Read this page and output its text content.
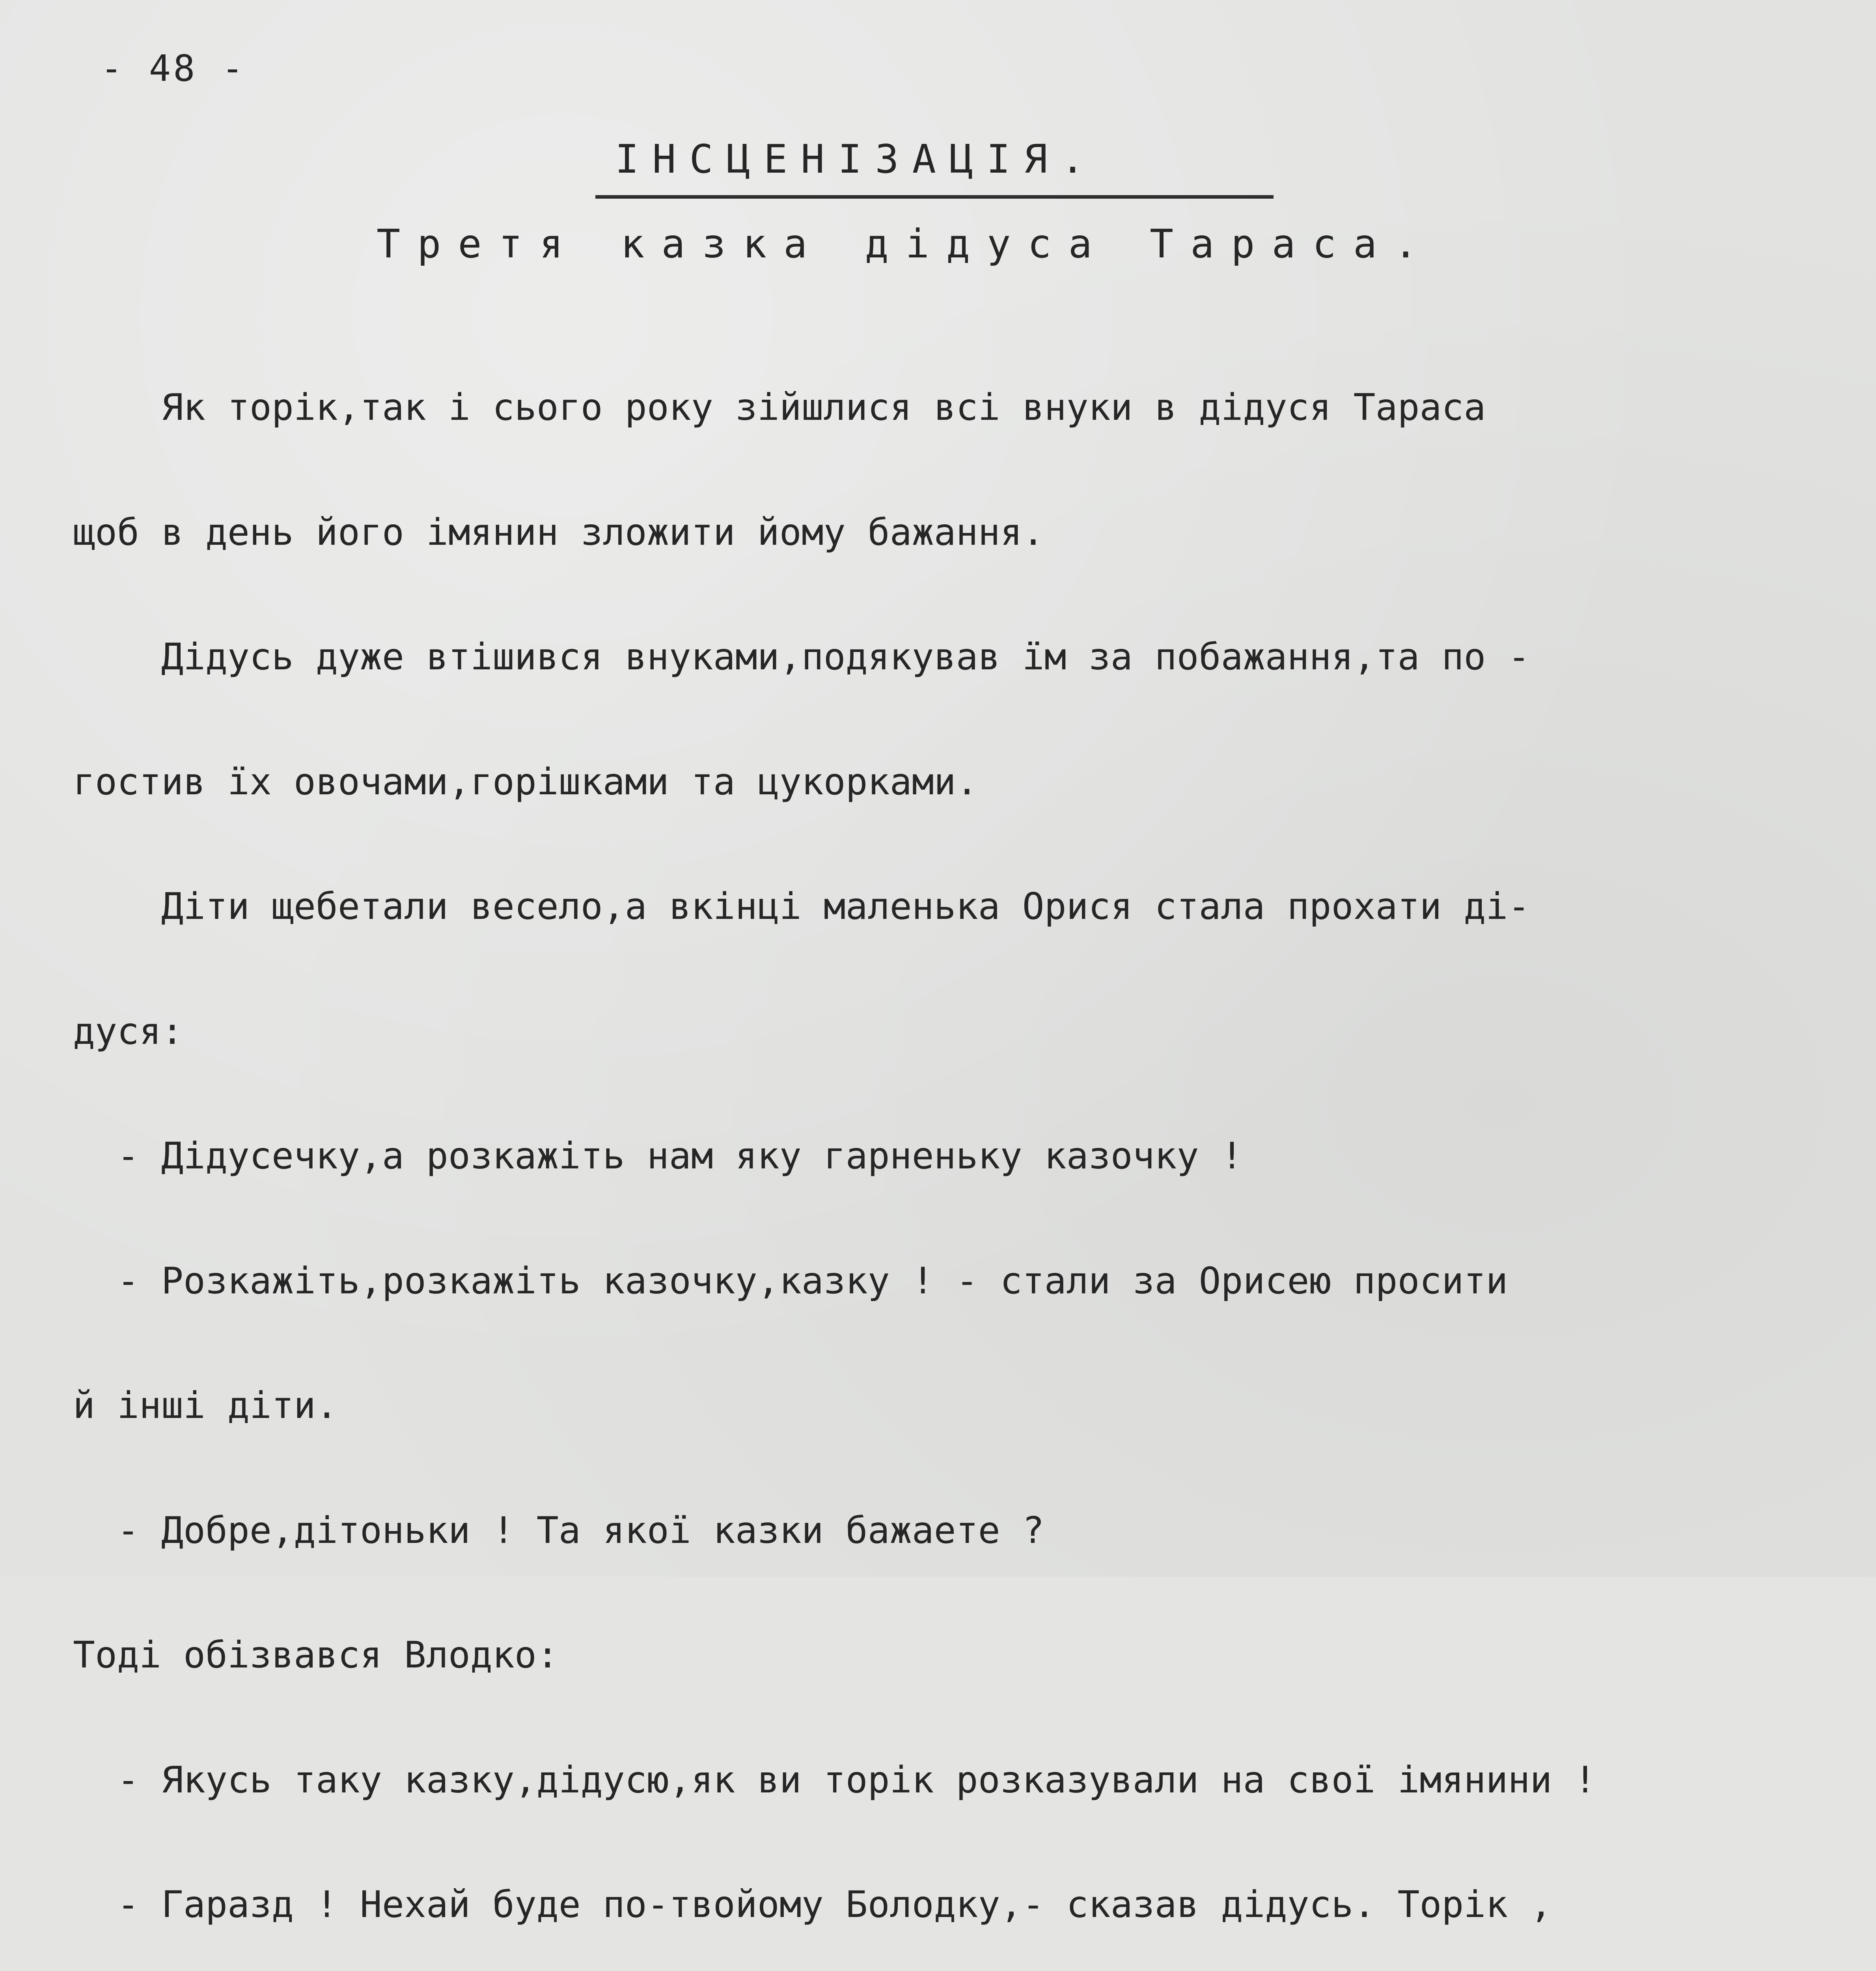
- 48 -
ІНСЦЕНІЗАЦІЯ.
Третя казка дідуса Тараса.

Як торік,так і сього року зійшлися всі внуки в дідуся Тараса

щоб в день його імянин зложити йому бажання.

Дідусь дуже втішився внуками,подякував їм за побажання,та по -

гостив їх овочами,горішками та цукорками.

Діти щебетали весело,а вкінці маленька Орися стала прохати ді-

дуся:

- Дідусечку,а розкажіть нам яку гарненьку казочку !

- Розкажіть,розкажіть казочку,казку ! - стали за Орисею просити

й інші діти.

- Добре,дітоньки ! Та якої казки бажаете ?

Тоді обізвався Влодко:

- Якусь таку казку,дідусю,як ви торік розказували на свої імянини !

- Гаразд ! Нехай буде по-твойому Болодку,- сказав дідусь. Торік ,
